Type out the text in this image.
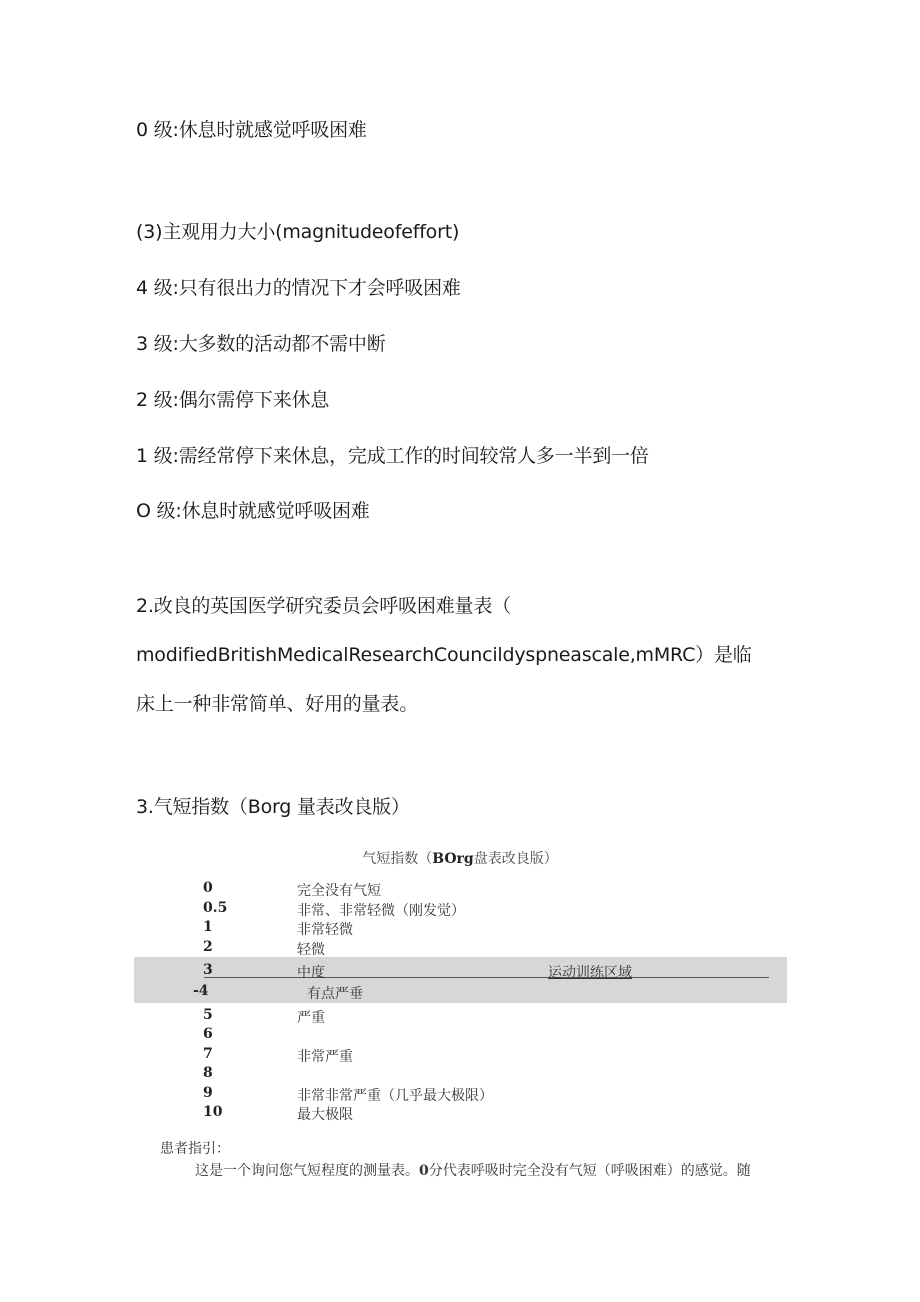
0 级:休息时就感觉呼吸困难
(3)主观用力大小(magnitudeofeffort)
4 级:只有很出力的情况下才会呼吸困难
3 级:大多数的活动都不需中断
2 级:偶尔需停下来休息
1 级:需经常停下来休息，完成工作的时间较常人多一半到一倍
O 级:休息时就感觉呼吸困难
2.改良的英国医学研究委员会呼吸困难量表（
modifiedBritishMedicalResearchCouncildyspneascale,mMRC）是临
床上一种非常简单、好用的量表。
3.气短指数（Borg 量表改良版）
气短指数（BOrg盘表改良版）
0	完全没有气短
0.5	非常、非常轻微（刚发觉）
1	非常轻微
2	轻微
3	中度	运动训练区域
-4	有点严垂
5	严重
6
7	非常严重
8
9	非常非常严重（几乎最大极限）
10	最大极限
患者指引：
这是一个询问您气短程度的测量表。0分代表呼吸时完全没有气短（呼吸困难）的感觉。随
